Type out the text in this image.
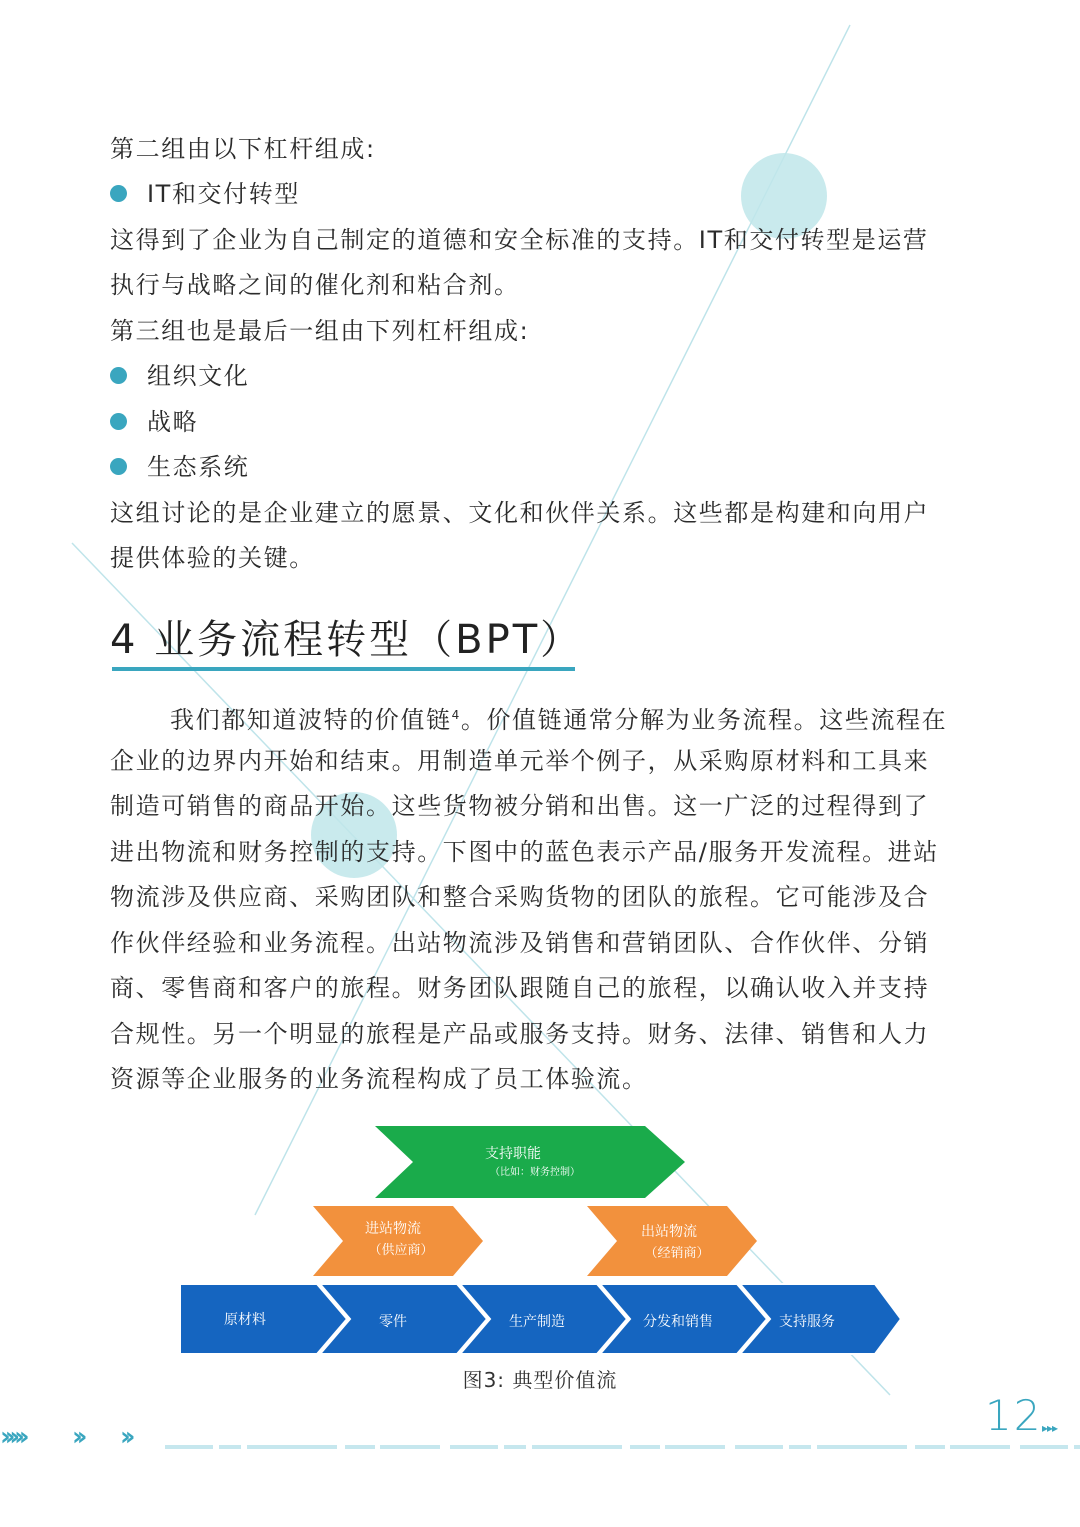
第二组由以下杠杆组成:
IT和交付转型
这得到了企业为自己制定的道德和安全标准的支持。IT和交付转型是运营
执行与战略之间的催化剂和粘合剂。
第三组也是最后一组由下列杠杆组成:
组织文化
战略
生态系统
这组讨论的是企业建立的愿景、文化和伙伴关系。这些都是构建和向用户
提供体验的关键。
4 业务流程转型（BPT）
我们都知道波特的价值链$^4$。价值链通常分解为业务流程。这些流程在
企业的边界内开始和结束。用制造单元举个例子，从采购原材料和工具来
制造可销售的商品开始。这些货物被分销和出售。这一广泛的过程得到了
进出物流和财务控制的支持。下图中的蓝色表示产品/服务开发流程。进站
物流涉及供应商、采购团队和整合采购货物的团队的旅程。它可能涉及合
作伙伴经验和业务流程。出站物流涉及销售和营销团队、合作伙伴、分销
商、零售商和客户的旅程。财务团队跟随自己的旅程，以确认收入并支持
合规性。另一个明显的旅程是产品或服务支持。财务、法律、销售和人力
资源等企业服务的业务流程构成了员工体验流。
支持职能
（比如：财务控制）
进站物流
（供应商）
出站物流
（经销商）
原材料	零件	生产制造	分发和销售	支持服务
图3: 典型价值流
12 ▸▸▸
››››› ›› ››
